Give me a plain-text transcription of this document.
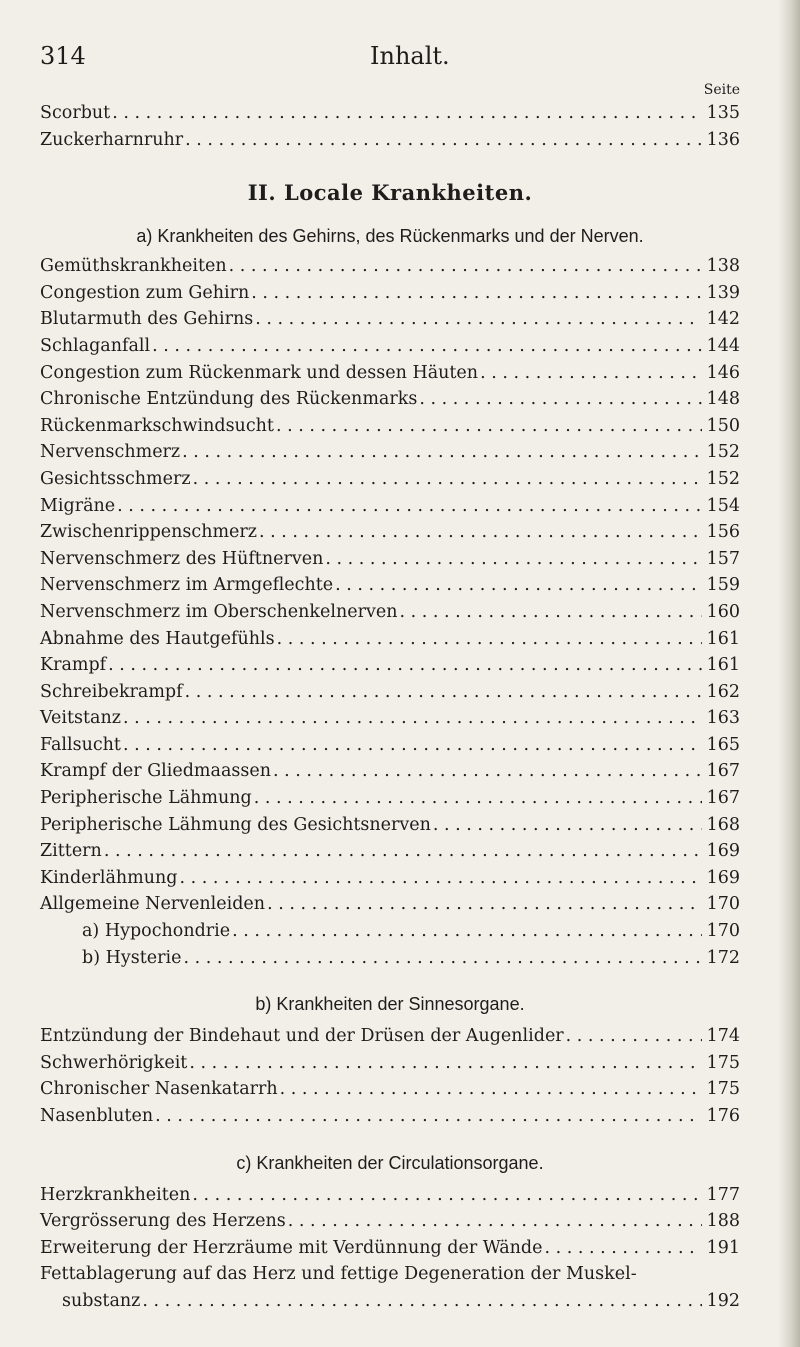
314	Inhalt.
Seite
Scorbut . . .	135
Zuckerharnruhr . . .	136
II. Locale Krankheiten.
a) Krankheiten des Gehirns, des Rückenmarks und der Nerven.
Gemüthskrankheiten . . .	138
Congestion zum Gehirn . . .	139
Blutarmuth des Gehirns . . .	142
Schlaganfall . . .	144
Congestion zum Rückenmark und dessen Häuten . . .	146
Chronische Entzündung des Rückenmarks . . .	148
Rückenmarkschwindsucht . . .	150
Nervenschmerz . . .	152
Gesichtsschmerz . . .	152
Migräne . . .	154
Zwischenrippenschmerz . . .	156
Nervenschmerz des Hüftnerven . . .	157
Nervenschmerz im Armgeflechte . . .	159
Nervenschmerz im Oberschenkelnerven . . .	160
Abnahme des Hautgefühls . . .	161
Krampf . . .	161
Schreibekrampf . . .	162
Veitstanz . . .	163
Fallsucht . . .	165
Krampf der Gliedmaassen . . .	167
Peripherische Lähmung . . .	167
Peripherische Lähmung des Gesichtsnerven . . .	168
Zittern . . .	169
Kinderlähmung . . .	169
Allgemeine Nervenleiden . . .	170
a) Hypochondrie . . .	170
b) Hysterie . . .	172
b) Krankheiten der Sinnesorgane.
Entzündung der Bindehaut und der Drüsen der Augenlider . . .	174
Schwerhörigkeit . . .	175
Chronischer Nasenkatarrh . . .	175
Nasenbluten . . .	176
c) Krankheiten der Circulationsorgane.
Herzkrankheiten . . .	177
Vergrösserung des Herzens . . .	188
Erweiterung der Herzräume mit Verdünnung der Wände . . .	191
Fettablagerung auf das Herz und fettige Degeneration der Muskel-
substanz . . .	192
